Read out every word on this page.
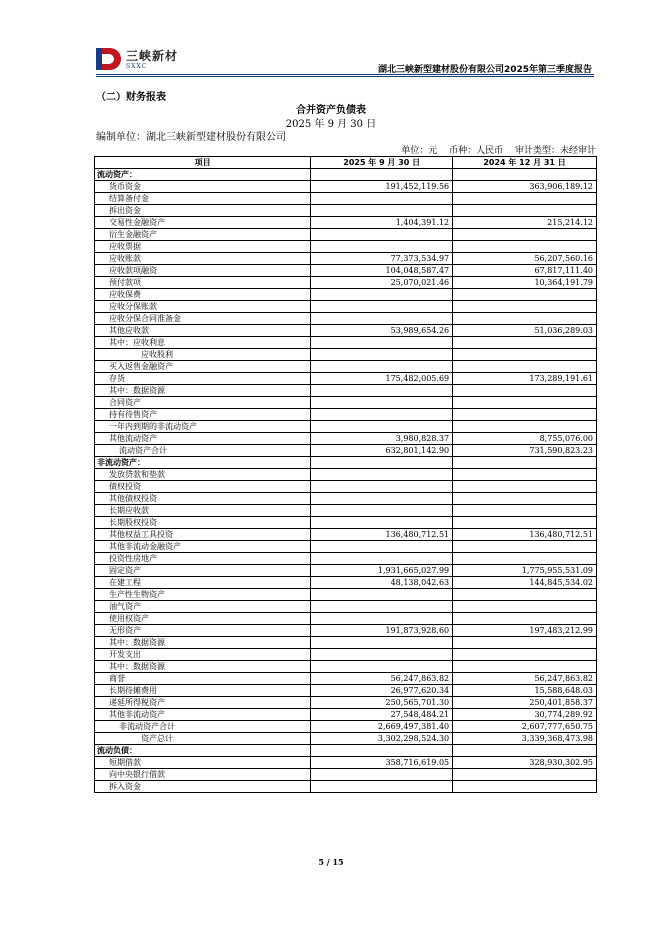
三峡新材
SXXC	湖北三峡新型建材股份有限公司2025年第三季度报告
（二）财务报表
合并资产负债表
2025 年 9 月 30 日
编制单位：湖北三峡新型建材股份有限公司
单位：元 币种：人民币 审计类型：未经审计
项目	2025 年 9 月 30 日	2024 年 12 月 31 日
流动资产：		
货币资金	191,452,119.56	363,906,189.12
结算备付金		
拆出资金		
交易性金融资产	1,404,391.12	215,214.12
衍生金融资产		
应收票据		
应收账款	77,373,534.97	56,207,560.16
应收款项融资	104,048,587.47	67,817,111.40
预付款项	25,070,021.46	10,364,191.79
应收保费		
应收分保账款		
应收分保合同准备金		
其他应收款	53,989,654.26	51,036,289.03
其中：应收利息		
应收股利		
买入返售金融资产		
存货	175,482,005.69	173,289,191.61
其中：数据资源		
合同资产		
持有待售资产		
一年内到期的非流动资产		
其他流动资产	3,980,828.37	8,755,076.00
流动资产合计	632,801,142.90	731,590,823.23
非流动资产：		
发放贷款和垫款		
债权投资		
其他债权投资		
长期应收款		
长期股权投资		
其他权益工具投资	136,480,712.51	136,480,712.51
其他非流动金融资产		
投资性房地产		
固定资产	1,931,665,027.99	1,775,955,531.09
在建工程	48,138,042.63	144,845,534.02
生产性生物资产		
油气资产		
使用权资产		
无形资产	191,873,928.60	197,483,212.99
其中：数据资源		
开发支出		
其中：数据资源		
商誉	56,247,863.82	56,247,863.82
长期待摊费用	26,977,620.34	15,588,648.03
递延所得税资产	250,565,701.30	250,401,858.37
其他非流动资产	27,548,484.21	30,774,289.92
非流动资产合计	2,669,497,381.40	2,607,777,650.75
资产总计	3,302,298,524.30	3,339,368,473.98
流动负债：		
短期借款	358,716,619.05	328,930,302.95
向中央银行借款		
拆入资金		
5 / 15
